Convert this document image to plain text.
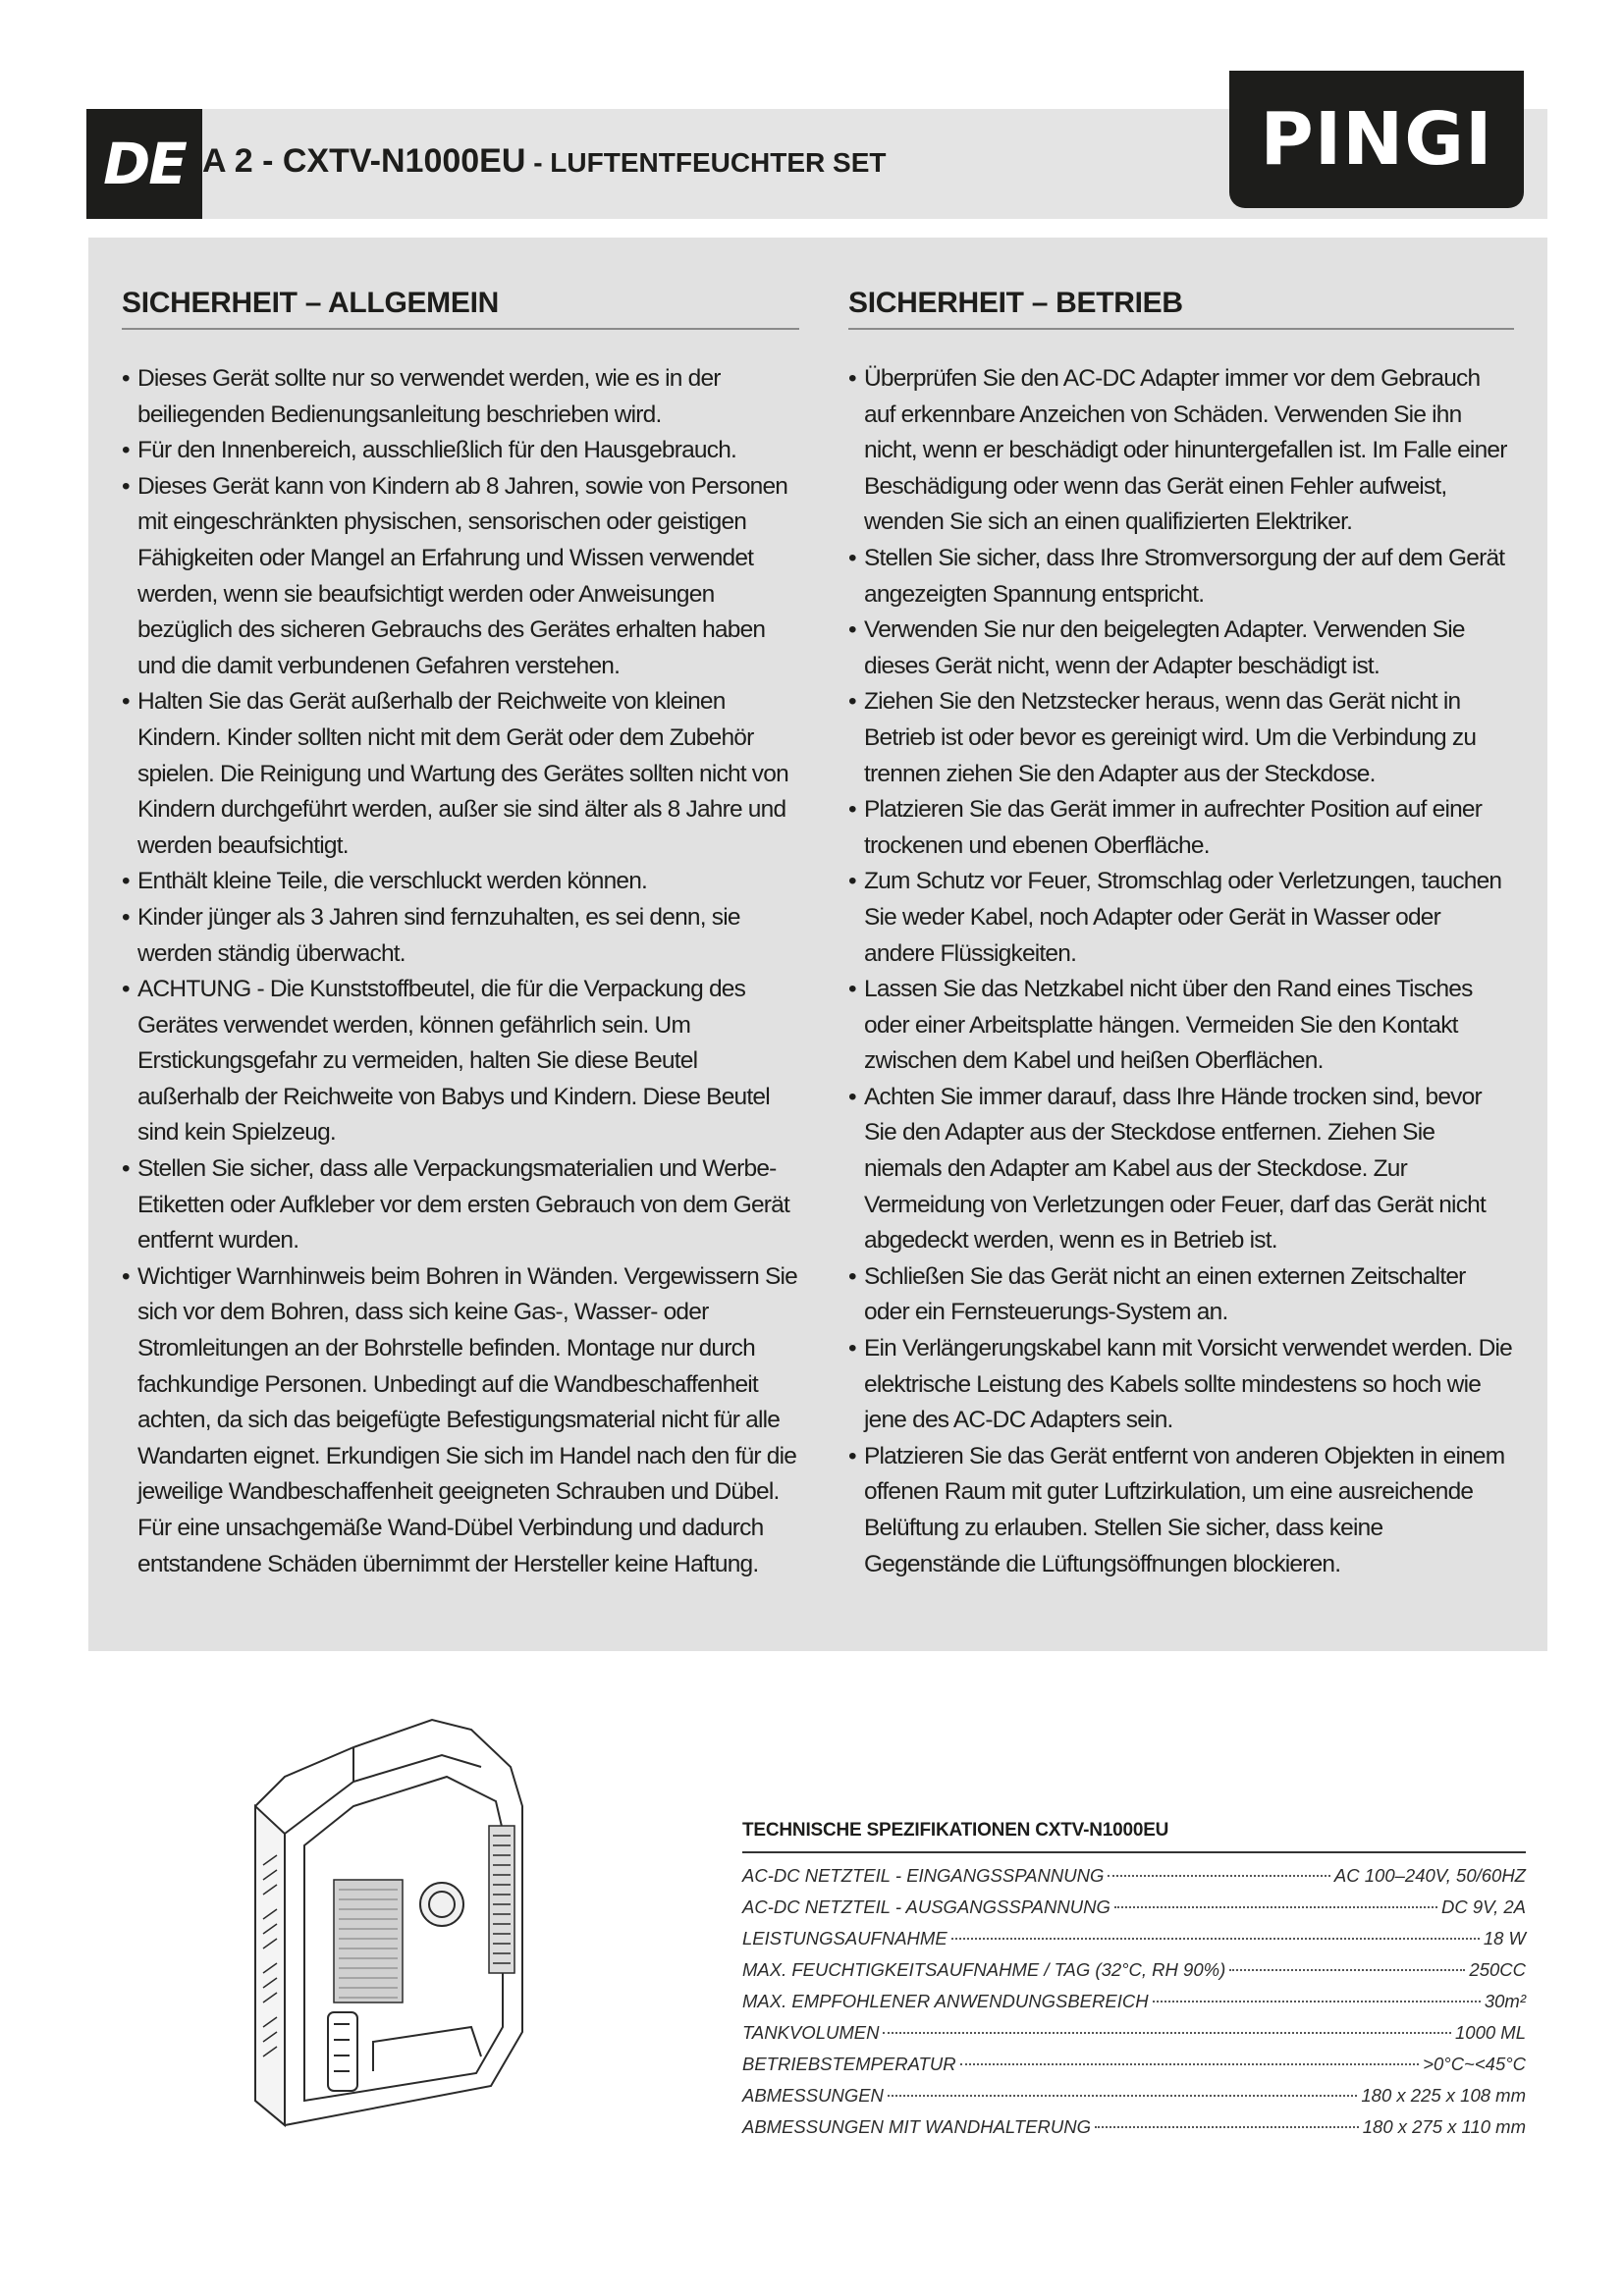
DE A 2 - CXTV-N1000EU - LUFTENTFEUCHTER SET	PINGI
SICHERHEIT – ALLGEMEIN
• Dieses Gerät sollte nur so verwendet werden, wie es in der beiliegenden Bedienungsanleitung beschrieben wird.
• Für den Innenbereich, ausschließlich für den Hausgebrauch.
• Dieses Gerät kann von Kindern ab 8 Jahren, sowie von Personen mit eingeschränkten physischen, sensorischen oder geistigen Fähigkeiten oder Mangel an Erfahrung und Wissen verwendet werden, wenn sie beaufsichtigt werden oder Anweisungen bezüglich des sicheren Gebrauchs des Gerätes erhalten haben und die damit verbundenen Gefahren verstehen.
• Halten Sie das Gerät außerhalb der Reichweite von kleinen Kindern. Kinder sollten nicht mit dem Gerät oder dem Zubehör spielen. Die Reinigung und Wartung des Gerätes sollten nicht von Kindern durchgeführt werden, außer sie sind älter als 8 Jahre und werden beaufsichtigt.
• Enthält kleine Teile, die verschluckt werden können.
• Kinder jünger als 3 Jahren sind fernzuhalten, es sei denn, sie werden ständig überwacht.
• ACHTUNG - Die Kunststoffbeutel, die für die Verpackung des Gerätes verwendet werden, können gefährlich sein. Um Erstickungsgefahr zu vermeiden, halten Sie diese Beutel außerhalb der Reichweite von Babys und Kindern. Diese Beutel sind kein Spielzeug.
• Stellen Sie sicher, dass alle Verpackungsmaterialien und Werbe-Etiketten oder Aufkleber vor dem ersten Gebrauch von dem Gerät entfernt wurden.
• Wichtiger Warnhinweis beim Bohren in Wänden. Vergewissern Sie sich vor dem Bohren, dass sich keine Gas-, Wasser- oder Stromleitungen an der Bohrstelle befinden. Montage nur durch fachkundige Personen. Unbedingt auf die Wandbeschaffenheit achten, da sich das beigefügte Befestigungsmaterial nicht für alle Wandarten eignet. Erkundigen Sie sich im Handel nach den für die jeweilige Wandbeschaffenheit geeigneten Schrauben und Dübel. Für eine unsachgemäße Wand-Dübel Verbindung und dadurch entstandene Schäden übernimmt der Hersteller keine Haftung.
SICHERHEIT – BETRIEB
• Überprüfen Sie den AC-DC Adapter immer vor dem Gebrauch auf erkennbare Anzeichen von Schäden. Verwenden Sie ihn nicht, wenn er beschädigt oder hinuntergefallen ist. Im Falle einer Beschädigung oder wenn das Gerät einen Fehler aufweist, wenden Sie sich an einen qualifizierten Elektriker.
• Stellen Sie sicher, dass Ihre Stromversorgung der auf dem Gerät angezeigten Spannung entspricht.
• Verwenden Sie nur den beigelegten Adapter. Verwenden Sie dieses Gerät nicht, wenn der Adapter beschädigt ist.
• Ziehen Sie den Netzstecker heraus, wenn das Gerät nicht in Betrieb ist oder bevor es gereinigt wird. Um die Verbindung zu trennen ziehen Sie den Adapter aus der Steckdose.
• Platzieren Sie das Gerät immer in aufrechter Position auf einer trockenen und ebenen Oberfläche.
• Zum Schutz vor Feuer, Stromschlag oder Verletzungen, tauchen Sie weder Kabel, noch Adapter oder Gerät in Wasser oder andere Flüssigkeiten.
• Lassen Sie das Netzkabel nicht über den Rand eines Tisches oder einer Arbeitsplatte hängen. Vermeiden Sie den Kontakt zwischen dem Kabel und heißen Oberflächen.
• Achten Sie immer darauf, dass Ihre Hände trocken sind, bevor Sie den Adapter aus der Steckdose entfernen. Ziehen Sie niemals den Adapter am Kabel aus der Steckdose. Zur Vermeidung von Verletzungen oder Feuer, darf das Gerät nicht abgedeckt werden, wenn es in Betrieb ist.
• Schließen Sie das Gerät nicht an einen externen Zeitschalter oder ein Fernsteuerungs-System an.
• Ein Verlängerungskabel kann mit Vorsicht verwendet werden. Die elektrische Leistung des Kabels sollte mindestens so hoch wie jene des AC-DC Adapters sein.
• Platzieren Sie das Gerät entfernt von anderen Objekten in einem offenen Raum mit guter Luftzirkulation, um eine ausreichende Belüftung zu erlauben. Stellen Sie sicher, dass keine Gegenstände die Lüftungsöffnungen blockieren.
TECHNISCHE SPEZIFIKATIONEN CXTV-N1000EU
AC-DC NETZTEIL - EINGANGSSPANNUNG	AC 100–240V, 50/60HZ
AC-DC NETZTEIL - AUSGANGSSPANNUNG	DC 9V, 2A
LEISTUNGSAUFNAHME	18 W
MAX. FEUCHTIGKEITSAUFNAHME / TAG (32°C, RH 90%)	250CC
MAX. EMPFOHLENER ANWENDUNGSBEREICH	30m²
TANKVOLUMEN	1000 ML
BETRIEBSTEMPERATUR	>0°C~<45°C
ABMESSUNGEN	180 x 225 x 108 mm
ABMESSUNGEN MIT WANDHALTERUNG	180 x 275 x 110 mm
